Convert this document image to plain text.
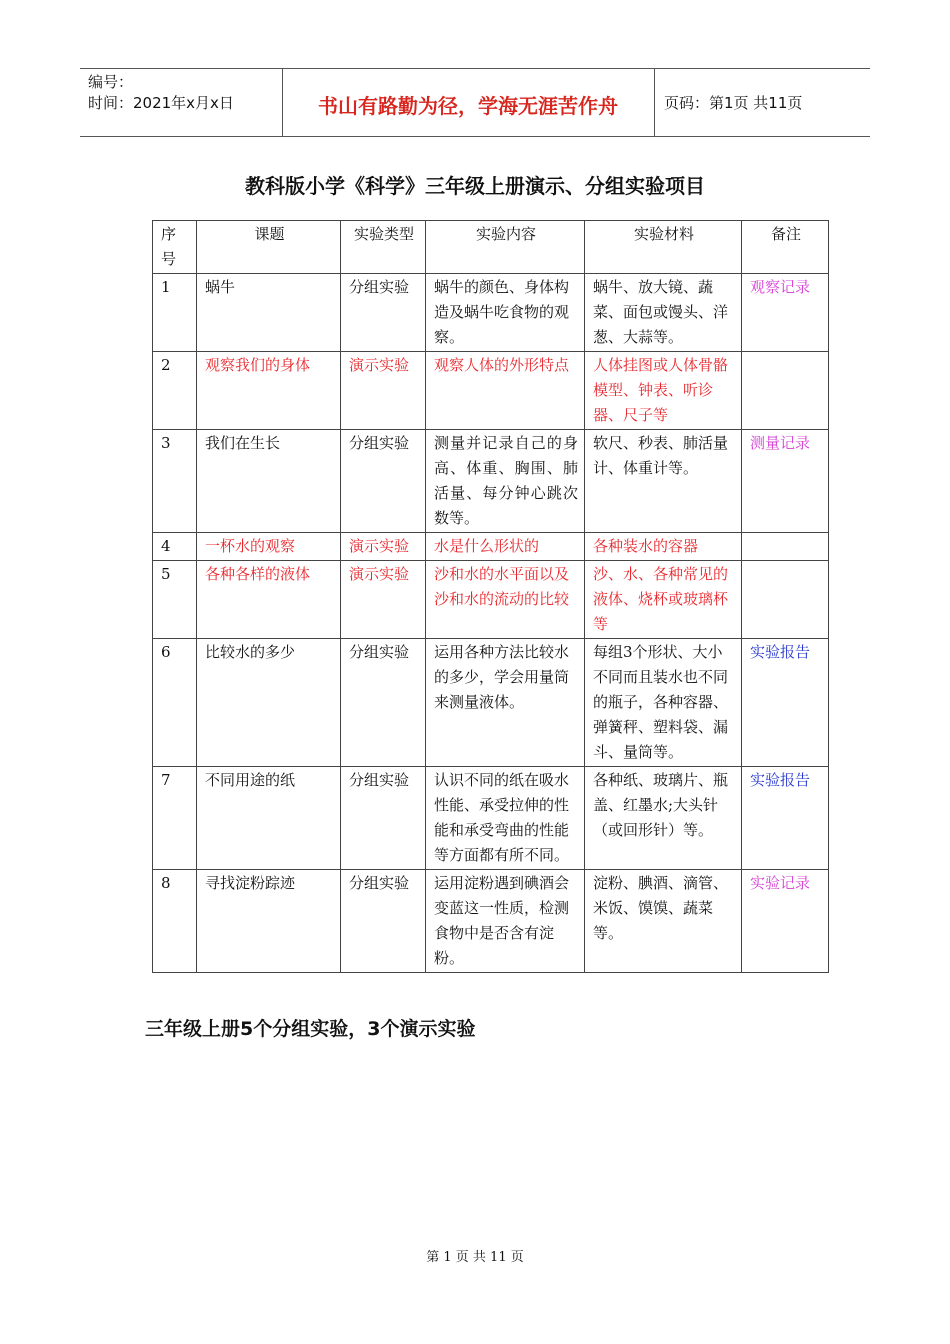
编号：
时间：2021年x月x日	书山有路勤为径，学海无涯苦作舟	页码：第1页 共11页
教科版小学《科学》三年级上册演示、分组实验项目
序号	课题	实验类型	实验内容	实验材料	备注
1	蜗牛	分组实验	蜗牛的颜色、身体构造及蜗牛吃食物的观察。	蜗牛、放大镜、蔬菜、面包或馒头、洋葱、大蒜等。	观察记录
2	观察我们的身体	演示实验	观察人体的外形特点	人体挂图或人体骨骼模型、钟表、听诊器、尺子等	
3	我们在生长	分组实验	测量并记录自己的身高、体重、胸围、肺活量、每分钟心跳次数等。	软尺、秒表、肺活量计、体重计等。	测量记录
4	一杯水的观察	演示实验	水是什么形状的	各种装水的容器	
5	各种各样的液体	演示实验	沙和水的水平面以及沙和水的流动的比较	沙、水、各种常见的液体、烧杯或玻璃杯等	
6	比较水的多少	分组实验	运用各种方法比较水的多少，学会用量筒来测量液体。	每组3个形状、大小不同而且装水也不同的瓶子，各种容器、弹簧秤、塑料袋、漏斗、量筒等。	实验报告
7	不同用途的纸	分组实验	认识不同的纸在吸水性能、承受拉伸的性能和承受弯曲的性能等方面都有所不同。	各种纸、玻璃片、瓶盖、红墨水;大头针（或回形针）等。	实验报告
8	寻找淀粉踪迹	分组实验	运用淀粉遇到碘酒会变蓝这一性质，检测食物中是否含有淀粉。	淀粉、腆酒、滴管、米饭、馍馍、蔬菜等。	实验记录
三年级上册5个分组实验，3个演示实验
第 1 页 共 11 页
